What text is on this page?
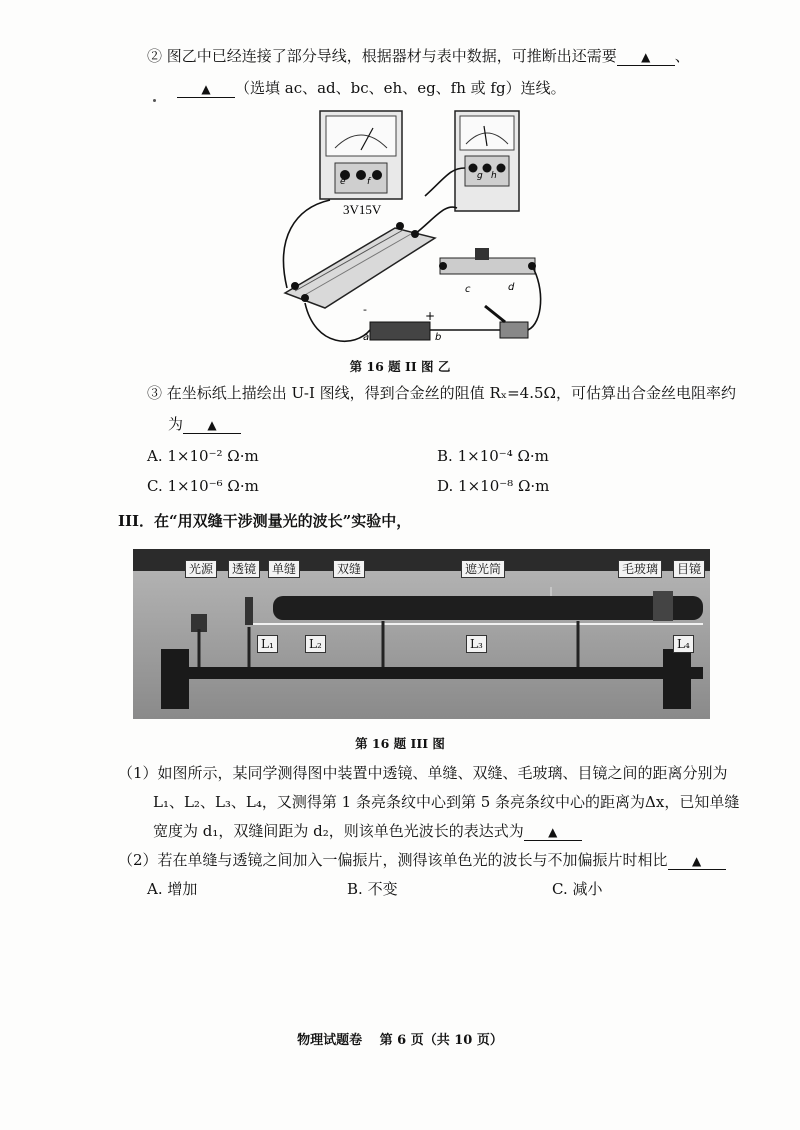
② 图乙中已经连接了部分导线，根据器材与表中数据，可推断出还需要 ▲ 、
▲ （选填 ac、ad、bc、eh、eg、fh 或 fg）连线。
e f
3V15V
g h
c	d
-	+
a	b
第 16 题 II 图 乙
③ 在坐标纸上描绘出 U-I 图线，得到合金丝的阻值 Rₓ=4.5Ω，可估算出合金丝电阻率约
为 ▲
A. 1×10⁻² Ω·m	B. 1×10⁻⁴ Ω·m
C. 1×10⁻⁶ Ω·m	D. 1×10⁻⁸ Ω·m
III．在“用双缝干涉测量光的波长”实验中，
光源	透镜	单缝	双缝	遮光筒	毛玻璃	目镜
L₁	L₂	L₃	L₄
第 16 题 III 图
（1）如图所示，某同学测得图中装置中透镜、单缝、双缝、毛玻璃、目镜之间的距离分别为
L₁、L₂、L₃、L₄，又测得第 1 条亮条纹中心到第 5 条亮条纹中心的距离为Δx，已知单缝
宽度为 d₁，双缝间距为 d₂，则该单色光波长的表达式为 ▲
（2）若在单缝与透镜之间加入一偏振片，测得该单色光的波长与不加偏振片时相比 ▲
A. 增加	B. 不变	C. 减小
物理试题卷　 第 6 页（共 10 页）
